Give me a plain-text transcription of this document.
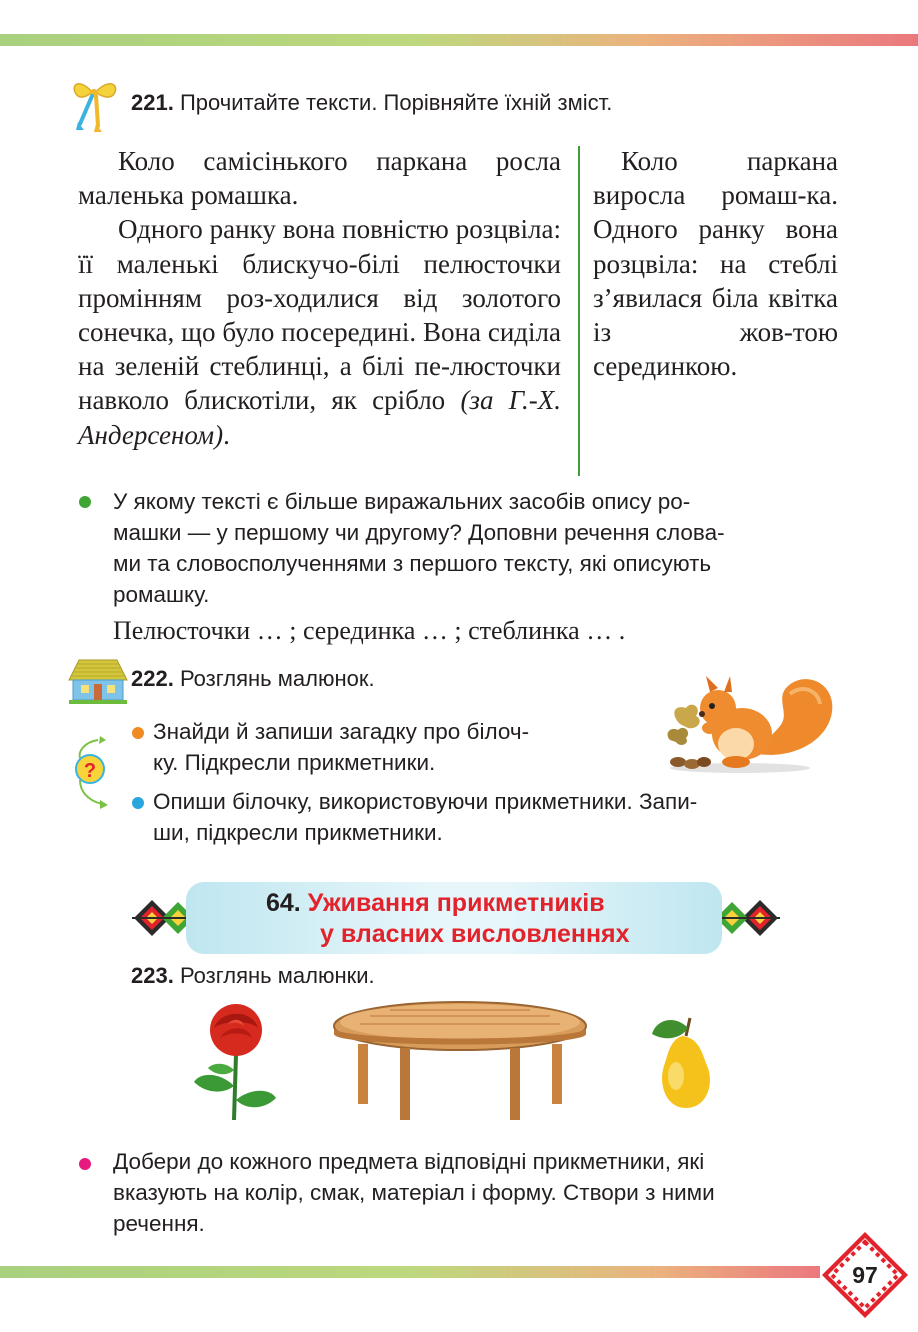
221. Прочитайте тексти. Порівняйте їхній зміст.

Коло самісінького паркана росла маленька ромашка.

Одного ранку вона повністю розцвіла: її маленькі блискучо-білі пелюсточки промінням роз-ходилися від золотого сонечка, що було посередині. Вона сиділа на зеленій стеблинці, а білі пе-люсточки навколо блискотіли, як срібло (за Г.-Х. Андерсеном).

Коло паркана виросла ромаш-ка. Одного ранку вона розцвіла: на стеблі з’явилася біла квітка із жов-тою серединкою.

У якому тексті є більше виражальних засобів опису ро-
машки — у першому чи другому? Доповни речення слова-
ми та словосполученнями з першого тексту, які описують
ромашку.
Пелюсточки … ; серединка … ; стеблинка … .
222. Розглянь малюнок.
?
Знайди й запиши загадку про білоч-
ку. Підкресли прикметники.
Опиши білочку, використовуючи прикметники. Запи-
ши, підкресли прикметники.
64. Уживання прикметників
у власних висловленнях
223. Розглянь малюнки.
Добери до кожного предмета відповідні прикметники, які
вказують на колір, смак, матеріал і форму. Створи з ними
речення.
97
